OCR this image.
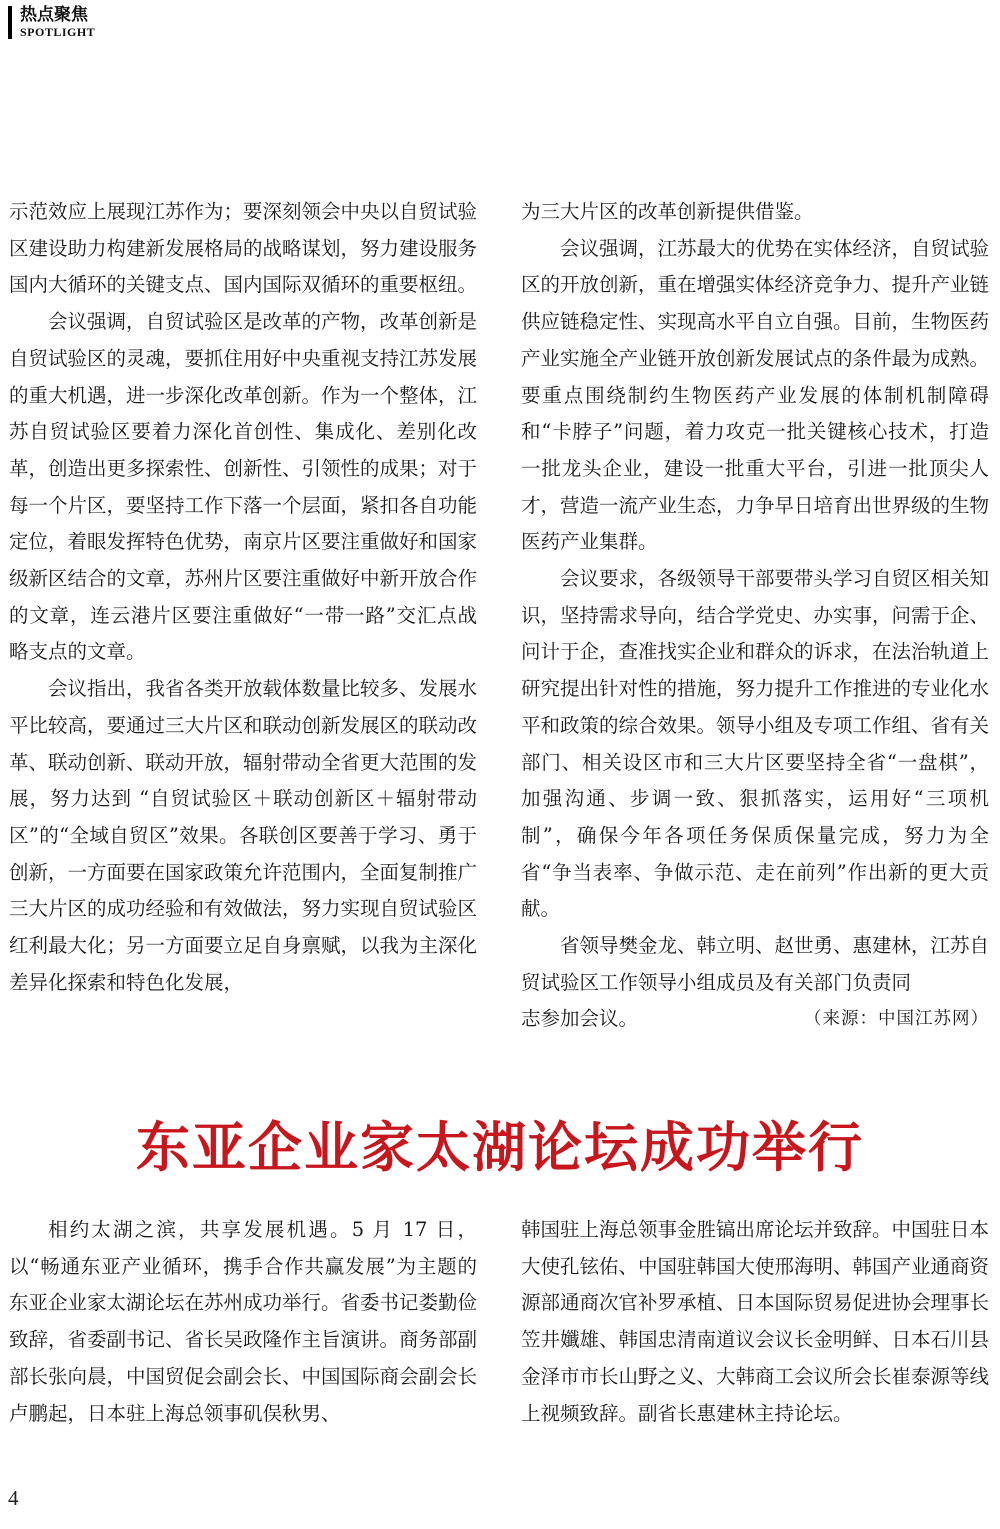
热点聚焦
SPOTLIGHT

示范效应上展现江苏作为；要深刻领会中央以自贸试验区建设助力构建新发展格局的战略谋划，努力建设服务国内大循环的关键支点、国内国际双循环的重要枢纽。

会议强调，自贸试验区是改革的产物，改革创新是自贸试验区的灵魂，要抓住用好中央重视支持江苏发展的重大机遇，进一步深化改革创新。作为一个整体，江苏自贸试验区要着力深化首创性、集成化、差别化改革，创造出更多探索性、创新性、引领性的成果；对于每一个片区，要坚持工作下落一个层面，紧扣各自功能定位，着眼发挥特色优势，南京片区要注重做好和国家级新区结合的文章，苏州片区要注重做好中新开放合作的文章，连云港片区要注重做好“一带一路”交汇点战略支点的文章。

会议指出，我省各类开放载体数量比较多、发展水平比较高，要通过三大片区和联动创新发展区的联动改革、联动创新、联动开放，辐射带动全省更大范围的发展，努力达到 “自贸试验区＋联动创新区＋辐射带动区”的“全域自贸区”效果。各联创区要善于学习、勇于创新，一方面要在国家政策允许范围内，全面复制推广三大片区的成功经验和有效做法，努力实现自贸试验区红利最大化；另一方面要立足自身禀赋，以我为主深化差异化探索和特色化发展，

为三大片区的改革创新提供借鉴。

会议强调，江苏最大的优势在实体经济，自贸试验区的开放创新，重在增强实体经济竞争力、提升产业链供应链稳定性、实现高水平自立自强。目前，生物医药产业实施全产业链开放创新发展试点的条件最为成熟。要重点围绕制约生物医药产业发展的体制机制障碍和“卡脖子”问题，着力攻克一批关键核心技术，打造一批龙头企业，建设一批重大平台，引进一批顶尖人才，营造一流产业生态，力争早日培育出世界级的生物医药产业集群。

会议要求，各级领导干部要带头学习自贸区相关知识，坚持需求导向，结合学党史、办实事，问需于企、问计于企，查准找实企业和群众的诉求，在法治轨道上研究提出针对性的措施，努力提升工作推进的专业化水平和政策的综合效果。领导小组及专项工作组、省有关部门、相关设区市和三大片区要坚持全省“一盘棋”，加强沟通、步调一致、狠抓落实，运用好“三项机制”，确保今年各项任务保质保量完成，努力为全省“争当表率、争做示范、走在前列”作出新的更大贡献。

省领导樊金龙、韩立明、赵世勇、惠建林，江苏自贸试验区工作领导小组成员及有关部门负责同

志参加会议。	（来源：中国江苏网）
东亚企业家太湖论坛成功举行

相约太湖之滨，共享发展机遇。5 月 17 日，以“畅通东亚产业循环，携手合作共赢发展”为主题的东亚企业家太湖论坛在苏州成功举行。省委书记娄勤俭致辞，省委副书记、省长吴政隆作主旨演讲。商务部副部长张向晨，中国贸促会副会长、中国国际商会副会长卢鹏起，日本驻上海总领事矶俣秋男、

韩国驻上海总领事金胜镐出席论坛并致辞。中国驻日本大使孔铉佑、中国驻韩国大使邢海明、韩国产业通商资源部通商次官补罗承植、日本国际贸易促进协会理事长笠井孅雄、韩国忠清南道议会议长金明鲜、日本石川县金泽市市长山野之义、大韩商工会议所会长崔泰源等线上视频致辞。副省长惠建林主持论坛。

4
